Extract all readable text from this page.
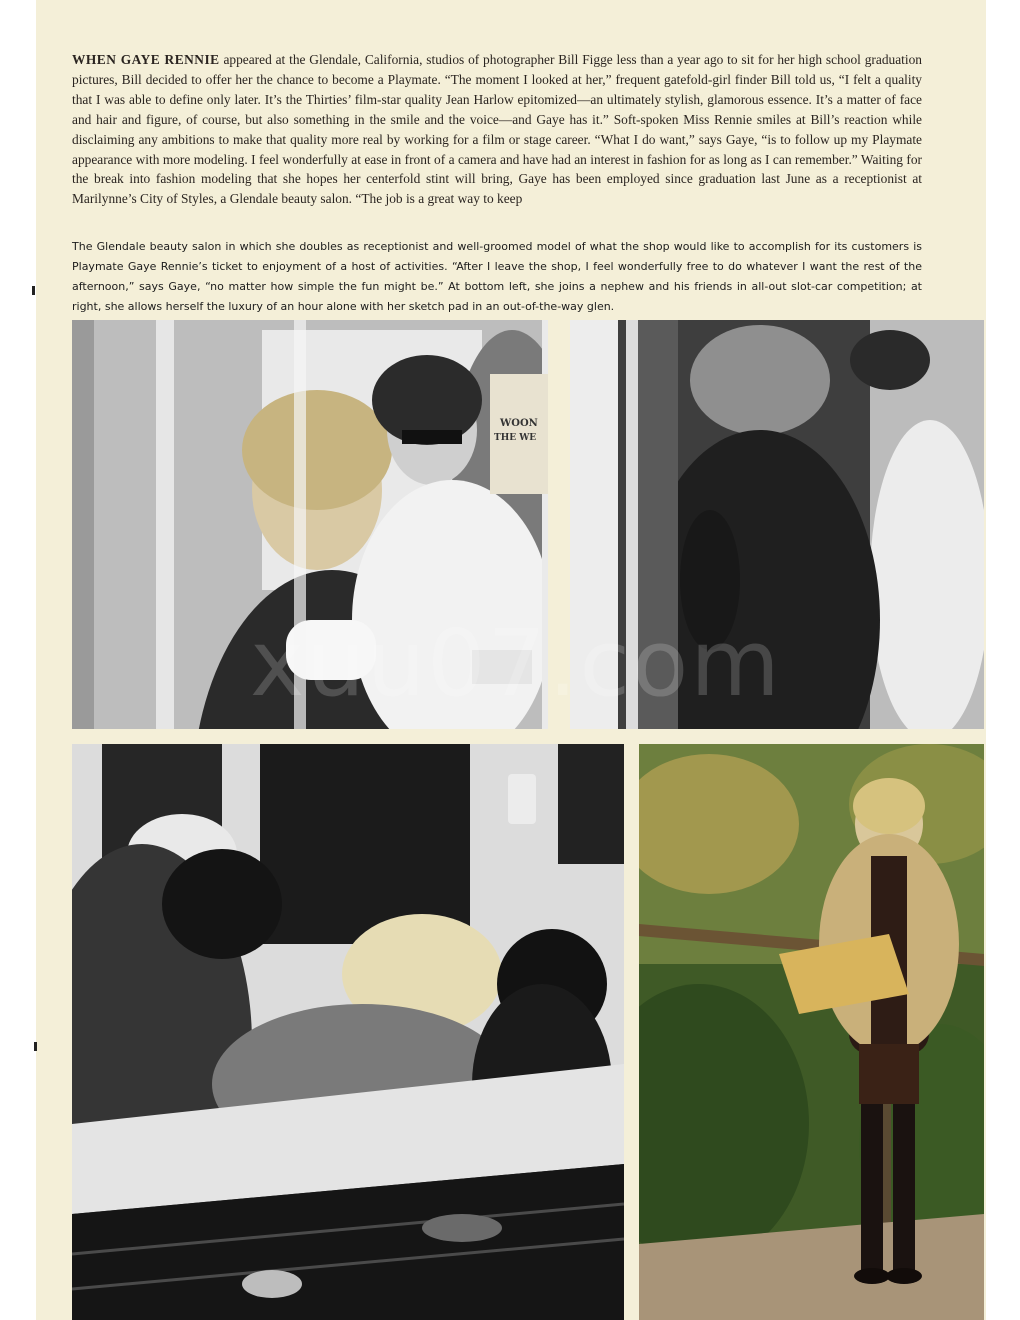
WHEN GAYE RENNIE appeared at the Glendale, California, studios of photographer Bill Figge less than a year ago to sit for her high school graduation pictures, Bill decided to offer her the chance to become a Playmate. “The moment I looked at her,” frequent gatefold-girl finder Bill told us, “I felt a quality that I was able to define only later. It’s the Thirties’ film-star quality Jean Harlow epitomized—an ultimately stylish, glamorous essence. It’s a matter of face and hair and figure, of course, but also something in the smile and the voice—and Gaye has it.” Soft-spoken Miss Rennie smiles at Bill’s reaction while disclaiming any ambitions to make that quality more real by working for a film or stage career. “What I do want,” says Gaye, “is to follow up my Playmate appearance with more modeling. I feel wonderfully at ease in front of a camera and have had an interest in fashion for as long as I can remember.” Waiting for the break into fashion modeling that she hopes her centerfold stint will bring, Gaye has been employed since graduation last June as a receptionist at Marilynne’s City of Styles, a Glendale beauty salon. “The job is a great way to keep

The Glendale beauty salon in which she doubles as receptionist and well-groomed model of what the shop would like to accomplish for its customers is Playmate Gaye Rennie’s ticket to enjoyment of a host of activities. “After I leave the shop, I feel wonderfully free to do whatever I want the rest of the afternoon,” says Gaye, “no matter how simple the fun might be.” At bottom left, she joins a nephew and his friends in all-out slot-car competition; at right, she allows herself the luxury of an hour alone with her sketch pad in an out-of-the-way glen.

WOON
THE WE
